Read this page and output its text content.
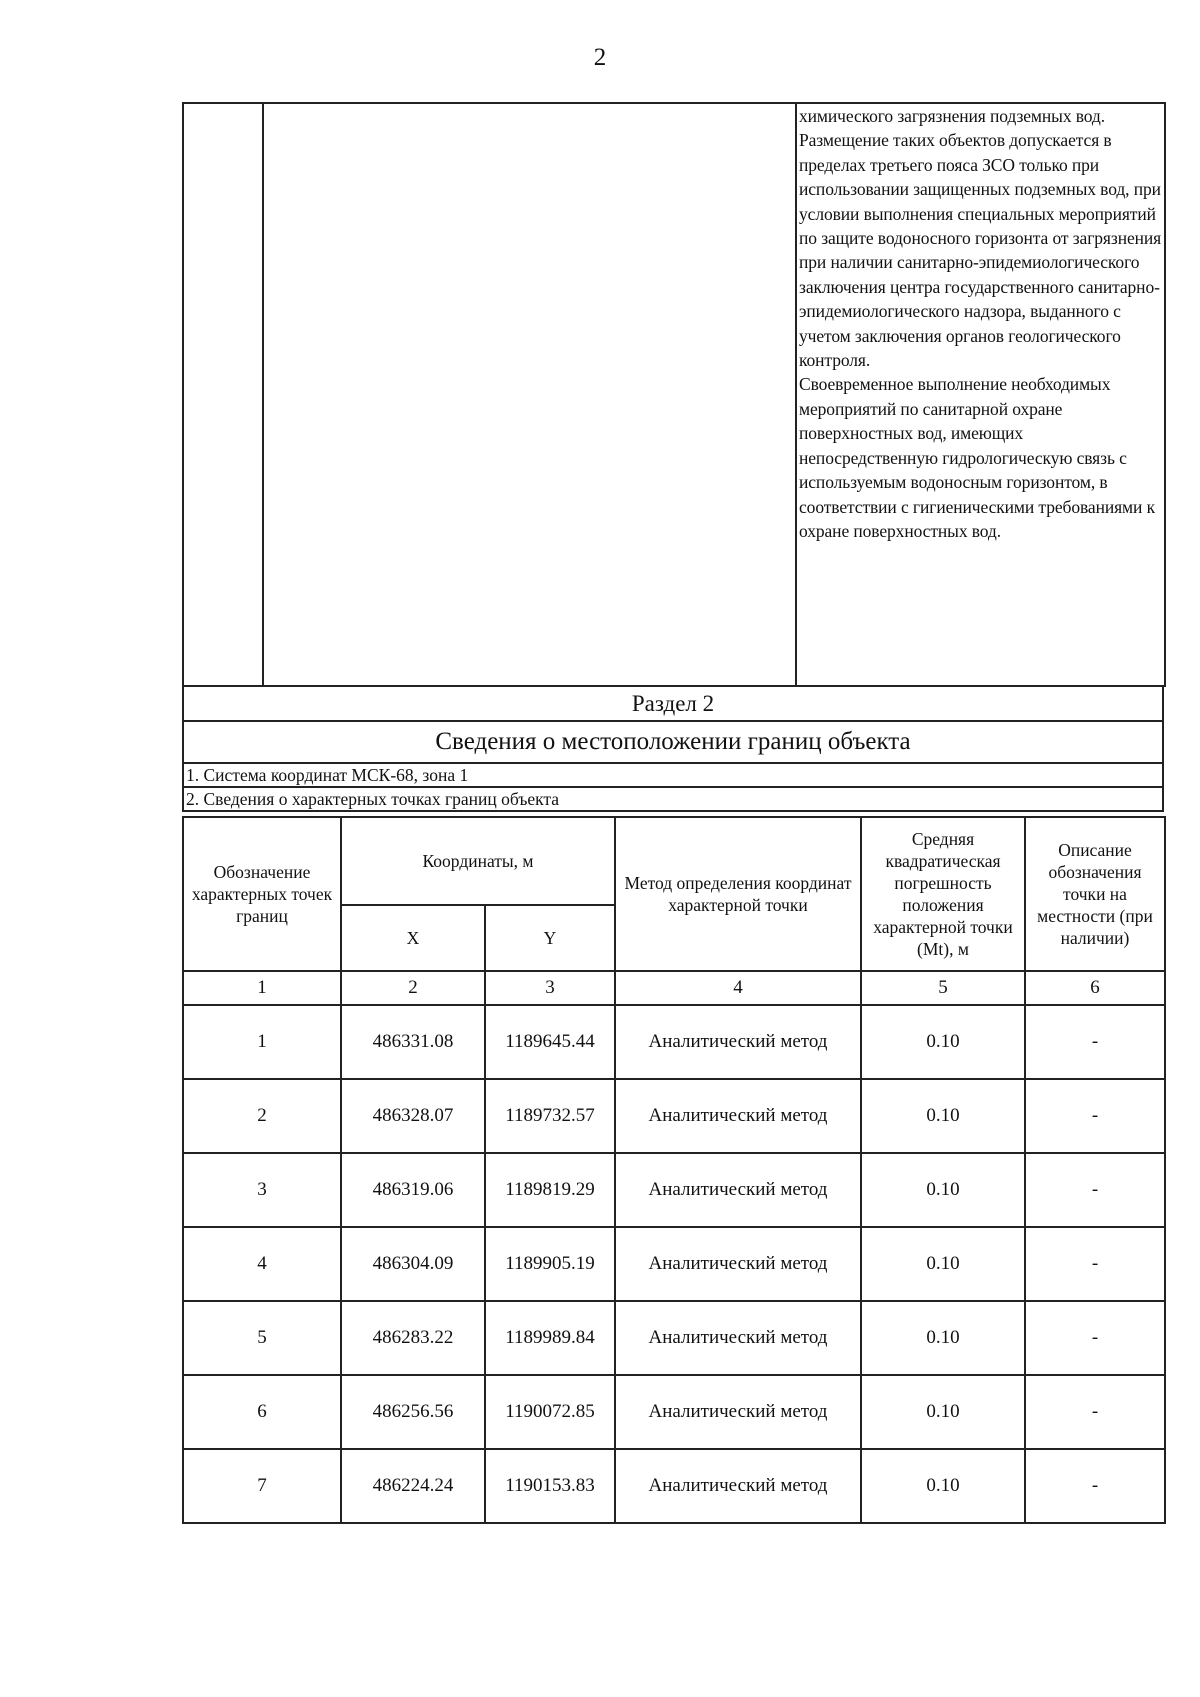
2

химического загрязнения подземных вод.

Размещение таких объектов допускается в пределах третьего пояса ЗСО только при использовании защищенных подземных вод, при условии выполнения специальных мероприятий по защите водоносного горизонта от загрязнения при наличии санитарно-эпидемиологического заключения центра государственного санитарно-эпидемиологического надзора, выданного с учетом заключения органов геологического контроля.

Своевременное выполнение необходимых мероприятий по санитарной охране поверхностных вод, имеющих непосредственную гидрологическую связь с используемым водоносным горизонтом, в соответствии с гигиеническими требованиями к охране поверхностных вод.

Раздел 2
Сведения о местоположении границ объекта
1. Система координат МСК-68, зона 1
2. Сведения о характерных точках границ объекта
Обозначение характерных точек границ	Координаты, м		Метод определения координат характерной точки	Средняя квадратическая погрешность положения характерной точки (Mt), м	Описание обозначения точки на местности (при наличии)
	X	Y			
1	2	3	4	5	6
1	486331.08	1189645.44	Аналитический метод	0.10	-
2	486328.07	1189732.57	Аналитический метод	0.10	-
3	486319.06	1189819.29	Аналитический метод	0.10	-
4	486304.09	1189905.19	Аналитический метод	0.10	-
5	486283.22	1189989.84	Аналитический метод	0.10	-
6	486256.56	1190072.85	Аналитический метод	0.10	-
7	486224.24	1190153.83	Аналитический метод	0.10	-
